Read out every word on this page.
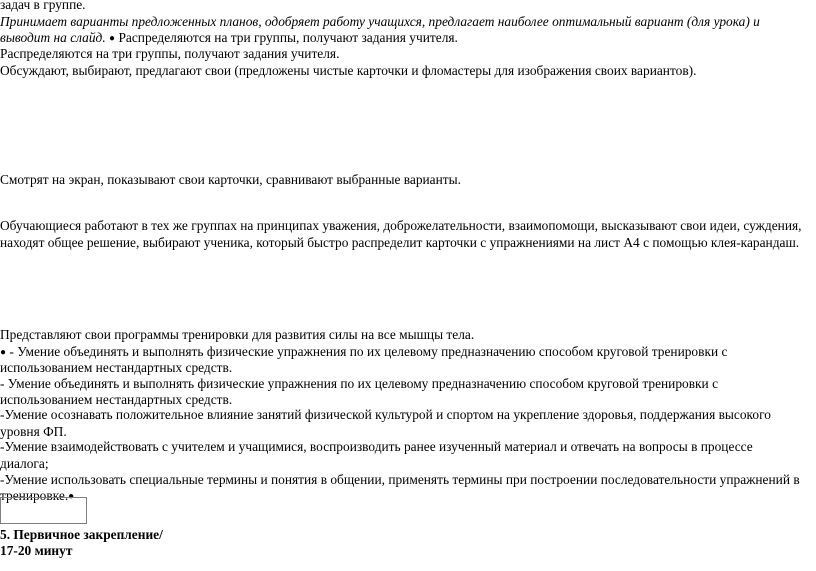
задач в группе.
Принимает варианты предложенных планов, одобряет работу учащихся, предлагает наиболее оптимальный вариант (для урока) и
выводит на слайд. ● Распределяются на три группы, получают задания учителя.
Распределяются на три группы, получают задания учителя.
Обсуждают, выбирают, предлагают свои (предложены чистые карточки и фломастеры для изображения своих вариантов).
Смотрят на экран, показывают свои карточки, сравнивают выбранные варианты.
Обучающиеся работают в тех же группах на принципах уважения, доброжелательности, взаимопомощи, высказывают свои идеи, суждения,
находят общее решение, выбирают ученика, который быстро распределит карточки с упражнениями на лист А4 с помощью клея-карандаш.
Представляют свои программы тренировки для развития силы на все мышцы тела.
● - Умение объединять и выполнять физические упражнения по их целевому предназначению способом круговой тренировки с
использованием нестандартных средств.
- Умение объединять и выполнять физические упражнения по их целевому предназначению способом круговой тренировки с
использованием нестандартных средств.
-Умение осознавать положительное влияние занятий физической культурой и спортом на укрепление здоровья, поддержания высокого
уровня ФП.
-Умение взаимодействовать с учителем и учащимися, воспроизводить ранее изученный материал и отвечать на вопросы в процессе
диалога;
-Умение использовать специальные термины и понятия в общении, применять термины при построении последовательности упражнений в
тренировке.●
5. Первичное закрепление/
17-20 минут
